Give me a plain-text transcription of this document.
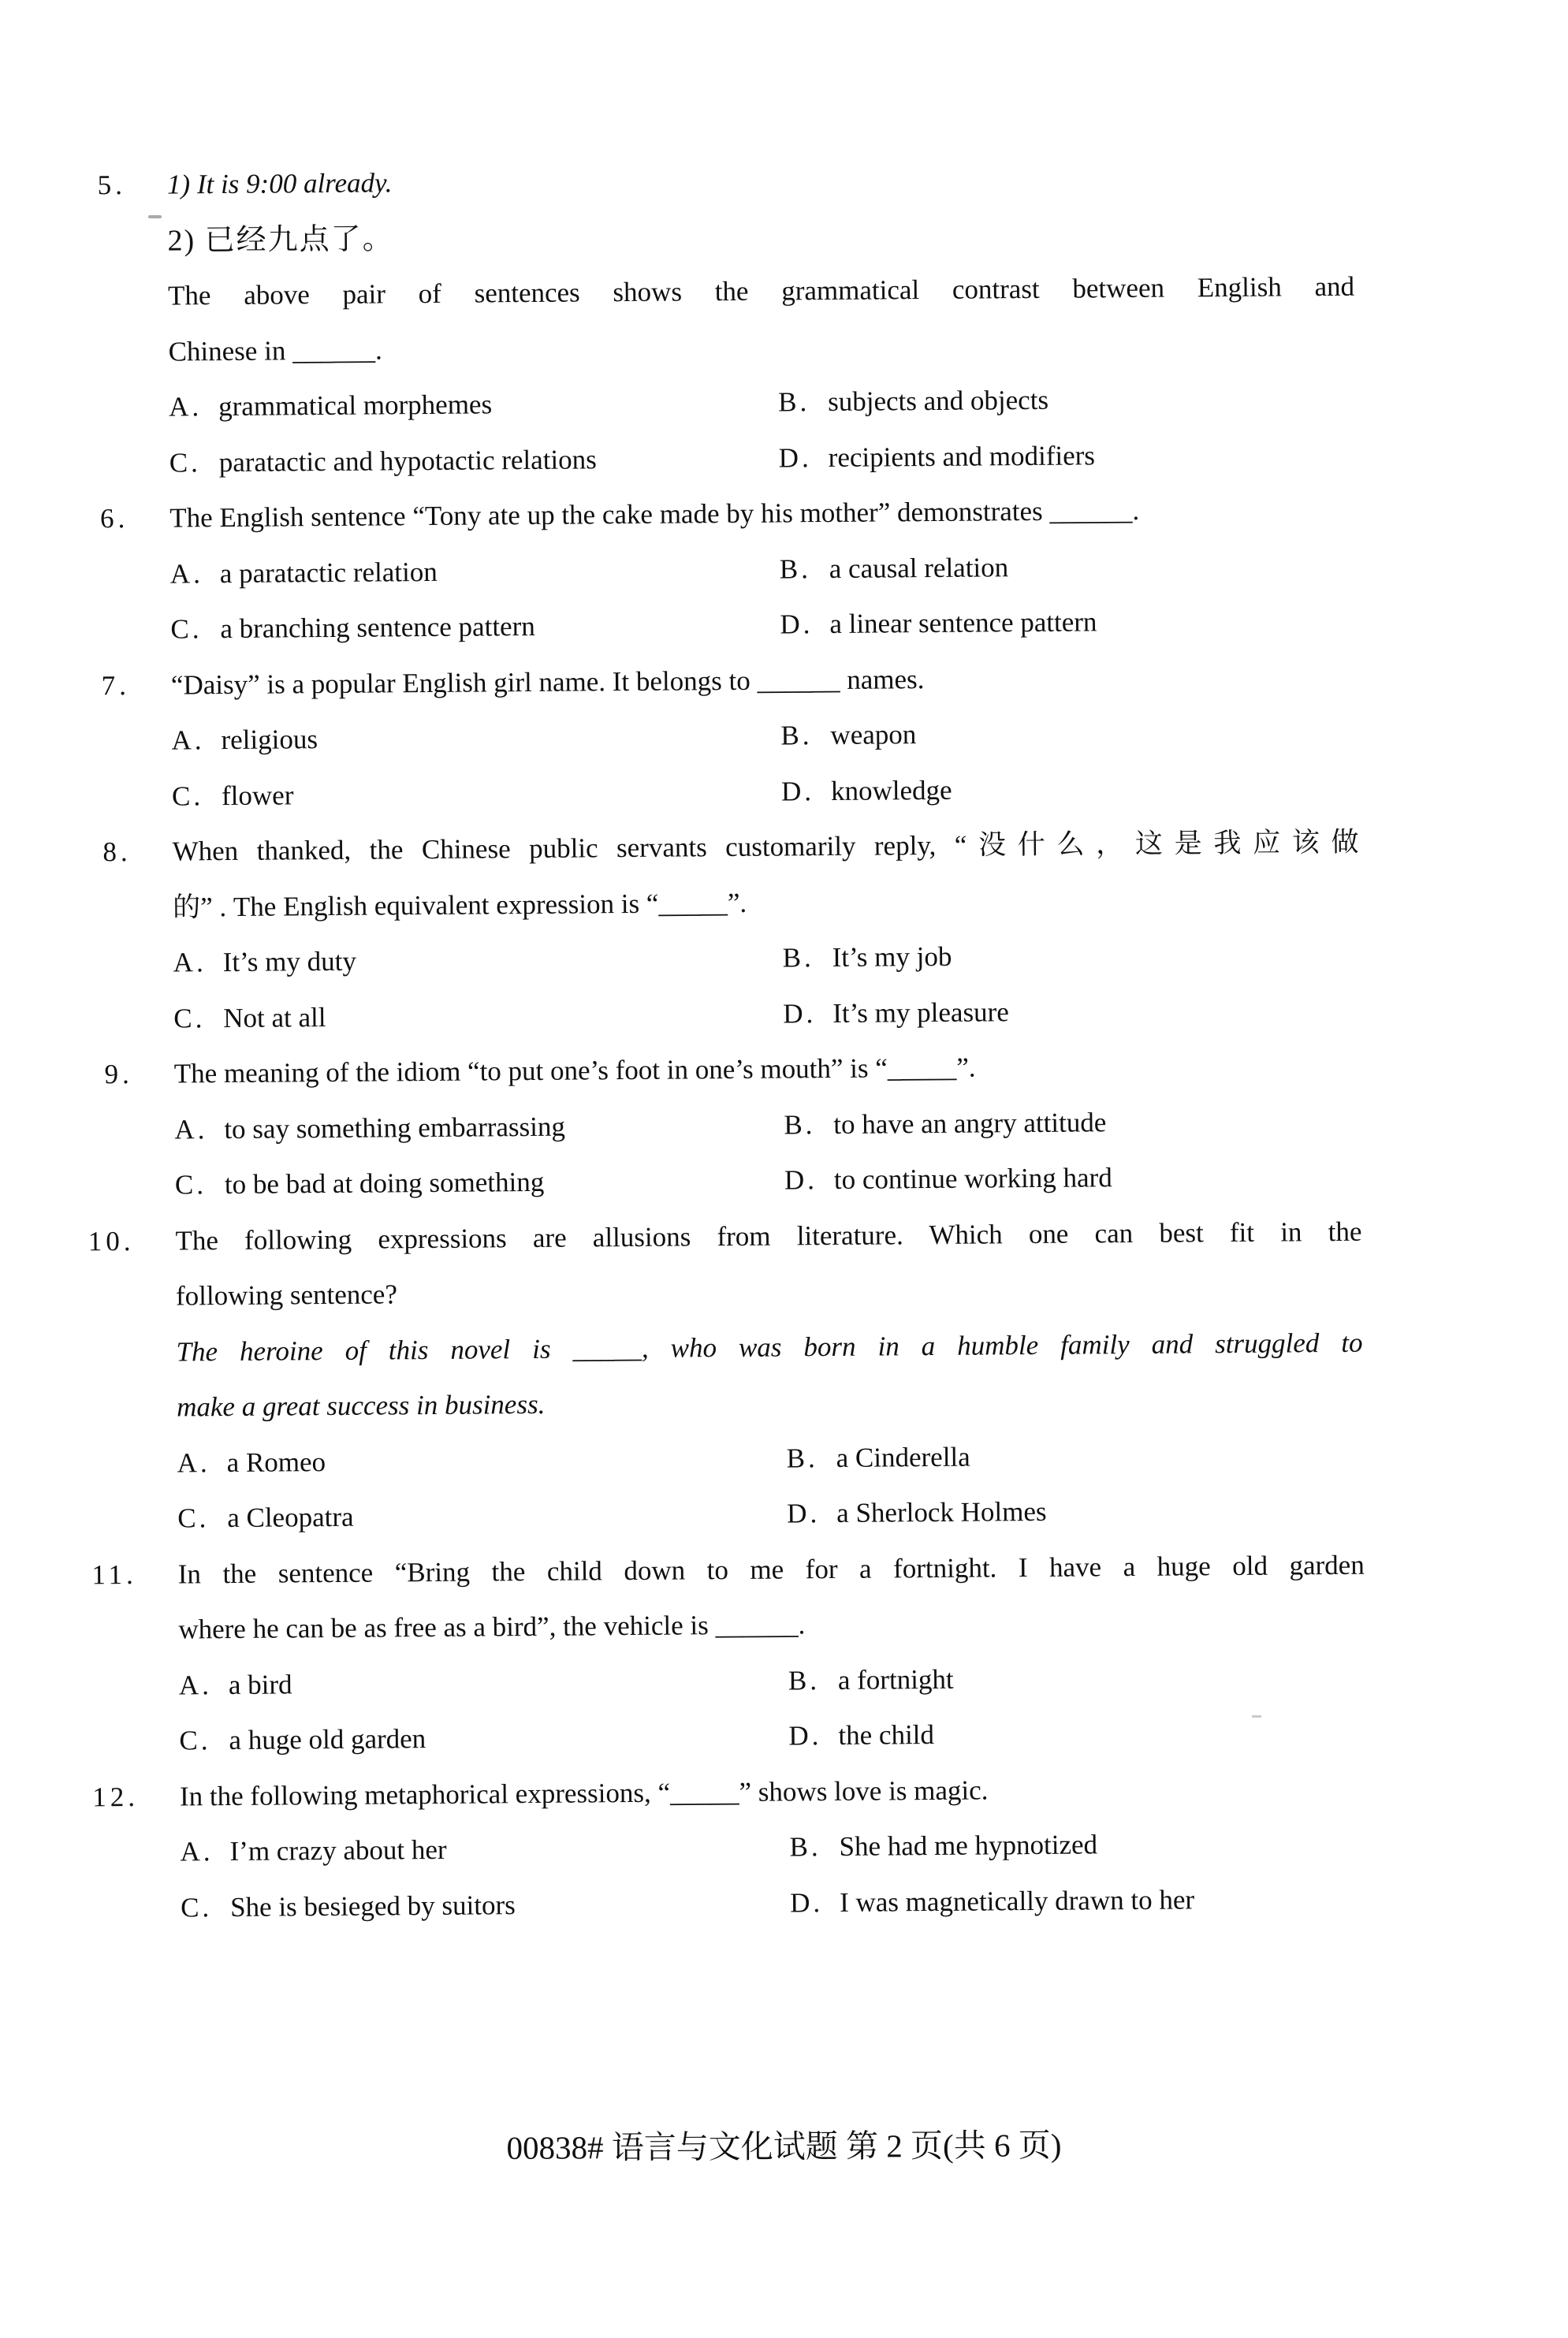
5. 1) It is 9:00 already.
2) 已经九点了。
The above pair of sentences shows the grammatical contrast between English and
Chinese in ______.
A. grammatical morphemes	B. subjects and objects
C. paratactic and hypotactic relations	D. recipients and modifiers
6. The English sentence “Tony ate up the cake made by his mother” demonstrates ______.
A. a paratactic relation	B. a causal relation
C. a branching sentence pattern	D. a linear sentence pattern
7. “Daisy” is a popular English girl name. It belongs to ______ names.
A. religious	B. weapon
C. flower	D. knowledge
8. When thanked, the Chinese public servants customarily reply, “没什么，这是我应该做
的” . The English equivalent expression is “_____”.
A. It’s my duty	B. It’s my job
C. Not at all	D. It’s my pleasure
9. The meaning of the idiom “to put one’s foot in one’s mouth” is “_____”.
A. to say something embarrassing	B. to have an angry attitude
C. to be bad at doing something	D. to continue working hard
10. The following expressions are allusions from literature. Which one can best fit in the
following sentence?
The heroine of this novel is _____, who was born in a humble family and struggled to
make a great success in business.
A. a Romeo	B. a Cinderella
C. a Cleopatra	D. a Sherlock Holmes
11. In the sentence “Bring the child down to me for a fortnight. I have a huge old garden
where he can be as free as a bird”, the vehicle is ______.
A. a bird	B. a fortnight
C. a huge old garden	D. the child
12. In the following metaphorical expressions, “_____” shows love is magic.
A. I’m crazy about her	B. She had me hypnotized
C. She is besieged by suitors	D. I was magnetically drawn to her
00838# 语言与文化试题 第 2 页(共 6 页)
